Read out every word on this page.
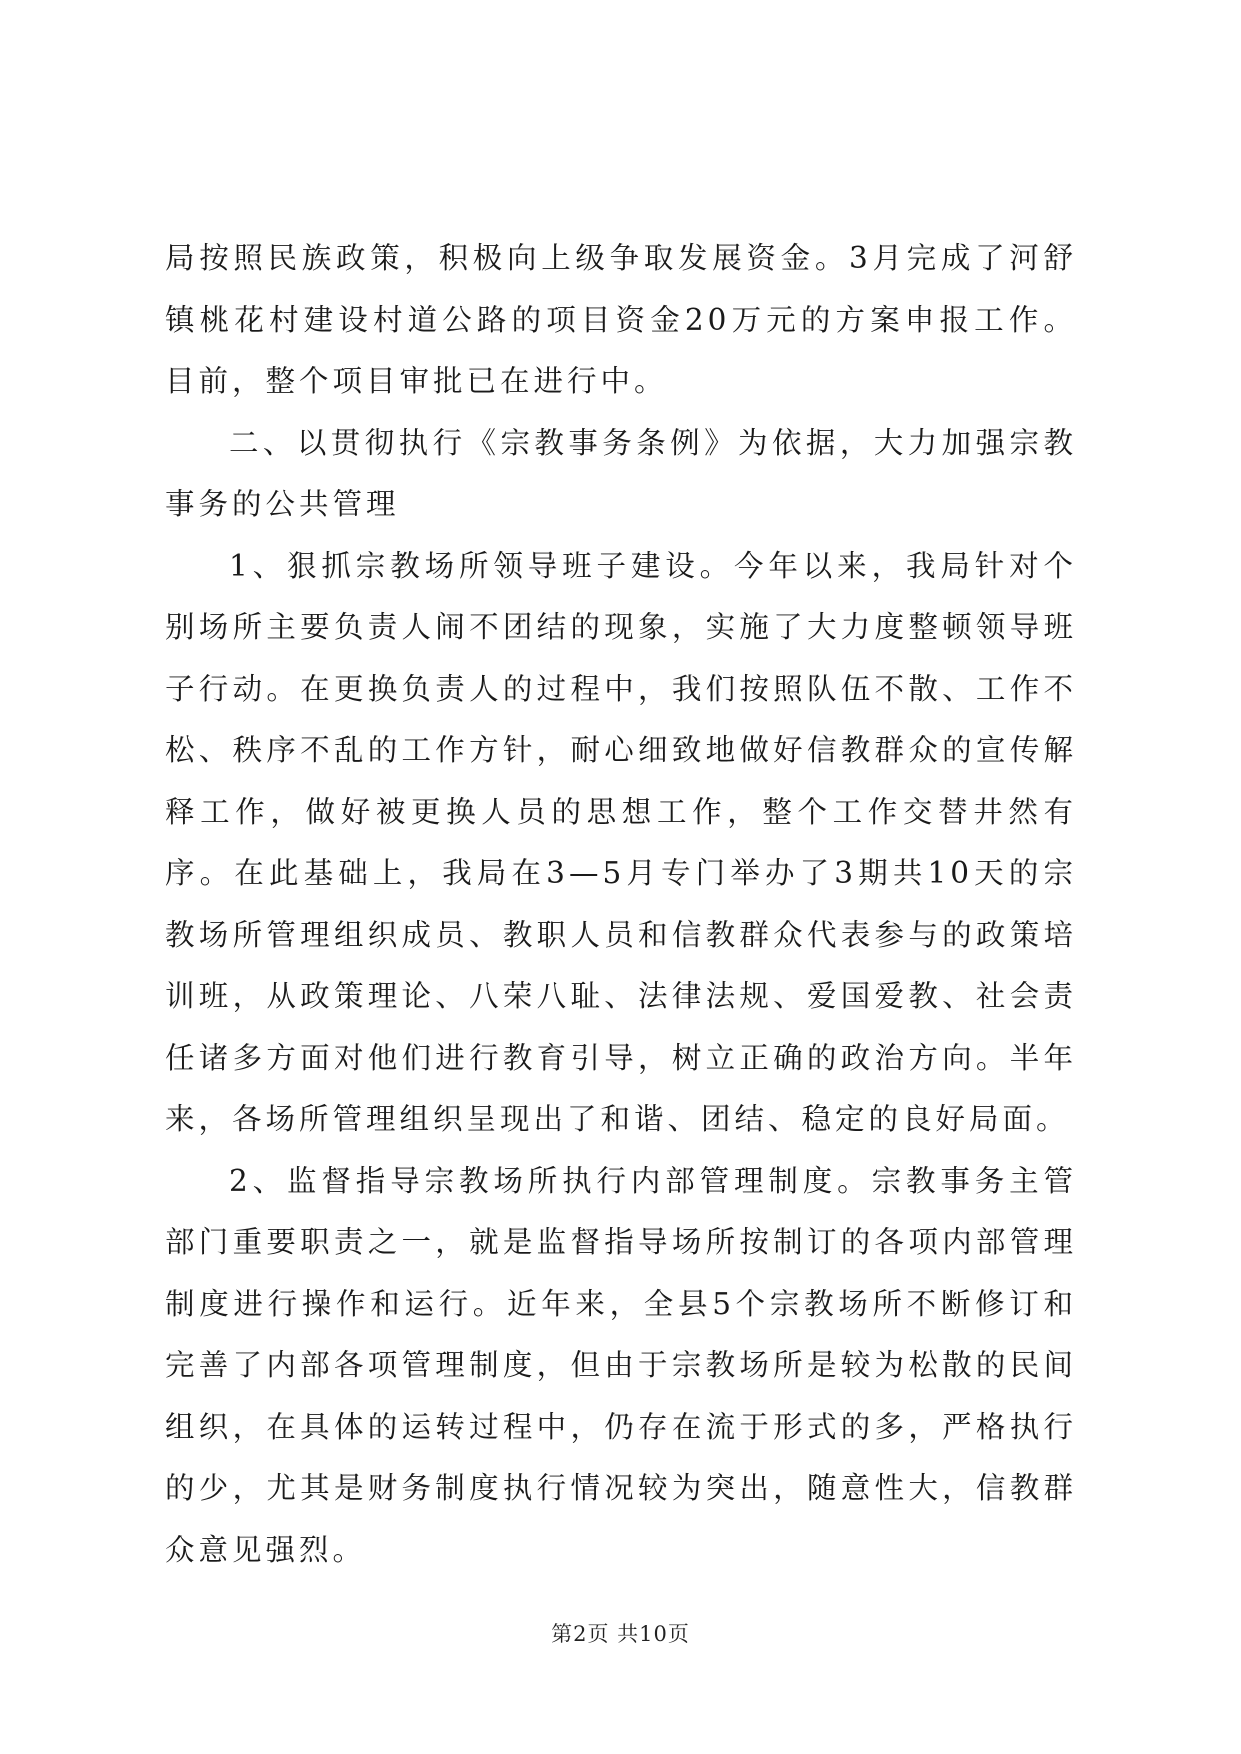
局按照民族政策，积极向上级争取发展资金。3月完成了河舒镇桃花村建设村道公路的项目资金20万元的方案申报工作。目前，整个项目审批已在进行中。

二、以贯彻执行《宗教事务条例》为依据，大力加强宗教事务的公共管理

1、狠抓宗教场所领导班子建设。今年以来，我局针对个别场所主要负责人闹不团结的现象，实施了大力度整顿领导班子行动。在更换负责人的过程中，我们按照队伍不散、工作不松、秩序不乱的工作方针，耐心细致地做好信教群众的宣传解释工作，做好被更换人员的思想工作，整个工作交替井然有序。在此基础上，我局在3—5月专门举办了3期共10天的宗教场所管理组织成员、教职人员和信教群众代表参与的政策培训班，从政策理论、八荣八耻、法律法规、爱国爱教、社会责任诸多方面对他们进行教育引导，树立正确的政治方向。半年来，各场所管理组织呈现出了和谐、团结、稳定的良好局面。

2、监督指导宗教场所执行内部管理制度。宗教事务主管部门重要职责之一，就是监督指导场所按制订的各项内部管理制度进行操作和运行。近年来，全县5个宗教场所不断修订和完善了内部各项管理制度，但由于宗教场所是较为松散的民间组织，在具体的运转过程中，仍存在流于形式的多，严格执行的少，尤其是财务制度执行情况较为突出，随意性大，信教群众意见强烈。

第2页 共10页
